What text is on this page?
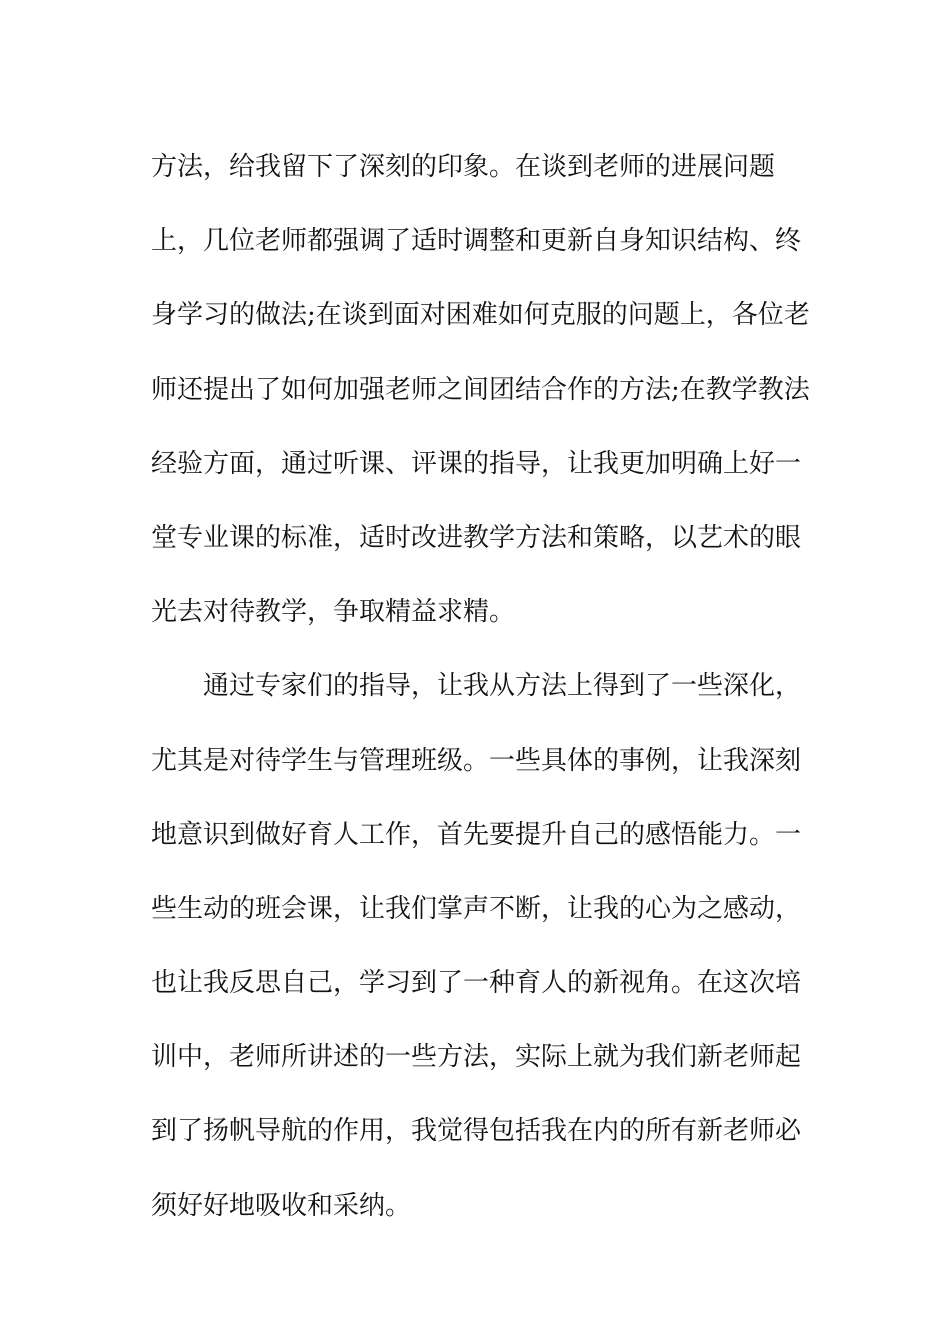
方法，给我留下了深刻的印象。在谈到老师的进展问题
上，几位老师都强调了适时调整和更新自身知识结构、终
身学习的做法;在谈到面对困难如何克服的问题上，各位老
师还提出了如何加强老师之间团结合作的方法;在教学教法
经验方面，通过听课、评课的指导，让我更加明确上好一
堂专业课的标准，适时改进教学方法和策略，以艺术的眼
光去对待教学，争取精益求精。
通过专家们的指导，让我从方法上得到了一些深化，
尤其是对待学生与管理班级。一些具体的事例，让我深刻
地意识到做好育人工作，首先要提升自己的感悟能力。一
些生动的班会课，让我们掌声不断，让我的心为之感动，
也让我反思自己，学习到了一种育人的新视角。在这次培
训中，老师所讲述的一些方法，实际上就为我们新老师起
到了扬帆导航的作用，我觉得包括我在内的所有新老师必
须好好地吸收和采纳。
